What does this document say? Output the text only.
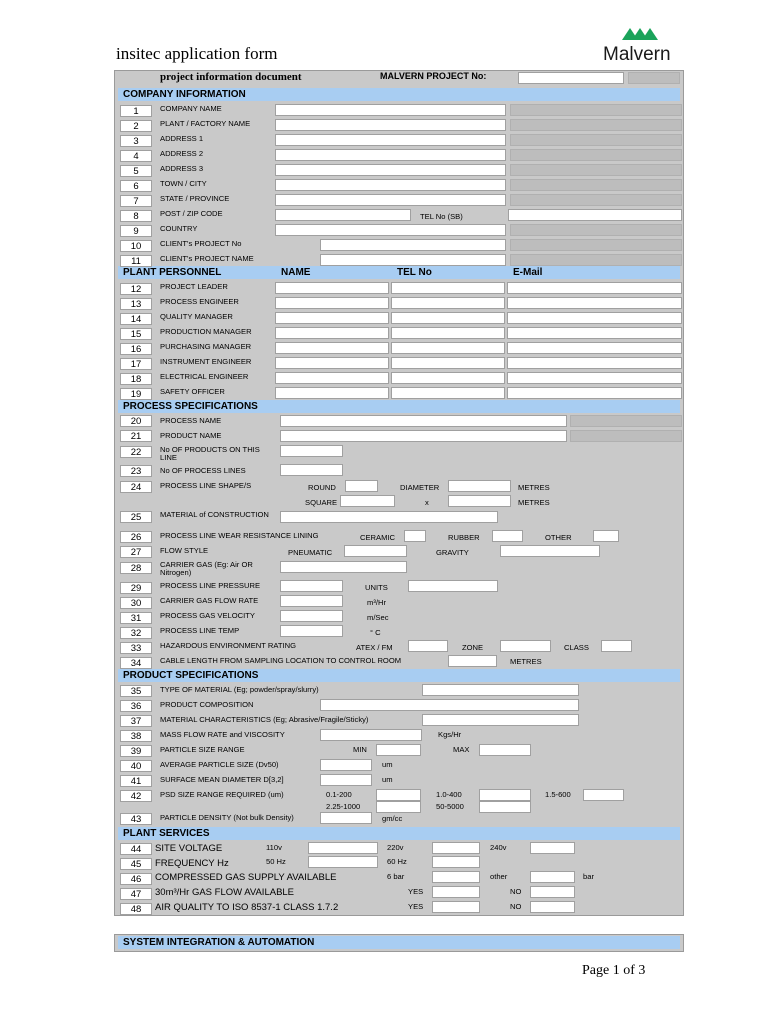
insitec application form	Malvern
project information document	MALVERN PROJECT No:
COMPANY INFORMATION
PLANT PERSONNEL	NAME	TEL No	E-Mail
PROCESS SPECIFICATIONS
PRODUCT SPECIFICATIONS
PLANT SERVICES
SYSTEM INTEGRATION & AUTOMATION
Page 1 of 3
1	COMPANY NAME
2	PLANT / FACTORY NAME
3	ADDRESS 1
4	ADDRESS 2
5	ADDRESS 3
6	TOWN / CITY
7	STATE / PROVINCE
8	POST / ZIP CODE	TEL No (SB)
9	COUNTRY
10	CLIENT's PROJECT No
11	CLIENT's PROJECT NAME
12	PROJECT LEADER
13	PROCESS ENGINEER
14	QUALITY MANAGER
15	PRODUCTION MANAGER
16	PURCHASING MANAGER
17	INSTRUMENT ENGINEER
18	ELECTRICAL ENGINEER
19	SAFETY OFFICER
20	PROCESS NAME
21	PRODUCT NAME
22	No OF PRODUCTS ON THIS LINE
23	No OF PROCESS LINES
24	PROCESS LINE SHAPE/S	ROUND	DIAMETER	METRES
SQUARE	x	METRES
25	MATERIAL of CONSTRUCTION
26	PROCESS LINE WEAR RESISTANCE LINING	CERAMIC	RUBBER	OTHER
27	FLOW STYLE	PNEUMATIC	GRAVITY
28	CARRIER GAS (Eg: Air OR Nitrogen)
29	PROCESS LINE PRESSURE	UNITS
30	CARRIER GAS FLOW RATE	m³/Hr
31	PROCESS GAS VELOCITY	m/Sec
32	PROCESS LINE TEMP	° C
33	HAZARDOUS ENVIRONMENT RATING	ATEX / FM	ZONE	CLASS
34	CABLE LENGTH FROM SAMPLING LOCATION TO CONTROL ROOM	METRES
35	TYPE OF MATERIAL (Eg; powder/spray/slurry)
36	PRODUCT COMPOSITION
37	MATERIAL CHARACTERISTICS (Eg; Abrasive/Fragile/Sticky)
38	MASS FLOW RATE and VISCOSITY	Kgs/Hr
39	PARTICLE SIZE RANGE	MIN	MAX
40	AVERAGE PARTICLE SIZE (Dv50)	um
41	SURFACE MEAN DIAMETER D[3,2]	um
42	PSD SIZE RANGE REQUIRED (um)	0.1-200	1.0-400	1.5-600
2.25-1000	50-5000
43	PARTICLE DENSITY (Not bulk Density)	gm/cc
44	SITE VOLTAGE	110v	220v	240v
45	FREQUENCY Hz	50 Hz	60 Hz
46	COMPRESSED GAS SUPPLY AVAILABLE	6 bar	other	bar
47	30m³/Hr GAS FLOW AVAILABLE	YES	NO
48	AIR QUALITY TO ISO 8537-1 CLASS 1.7.2	YES	NO
